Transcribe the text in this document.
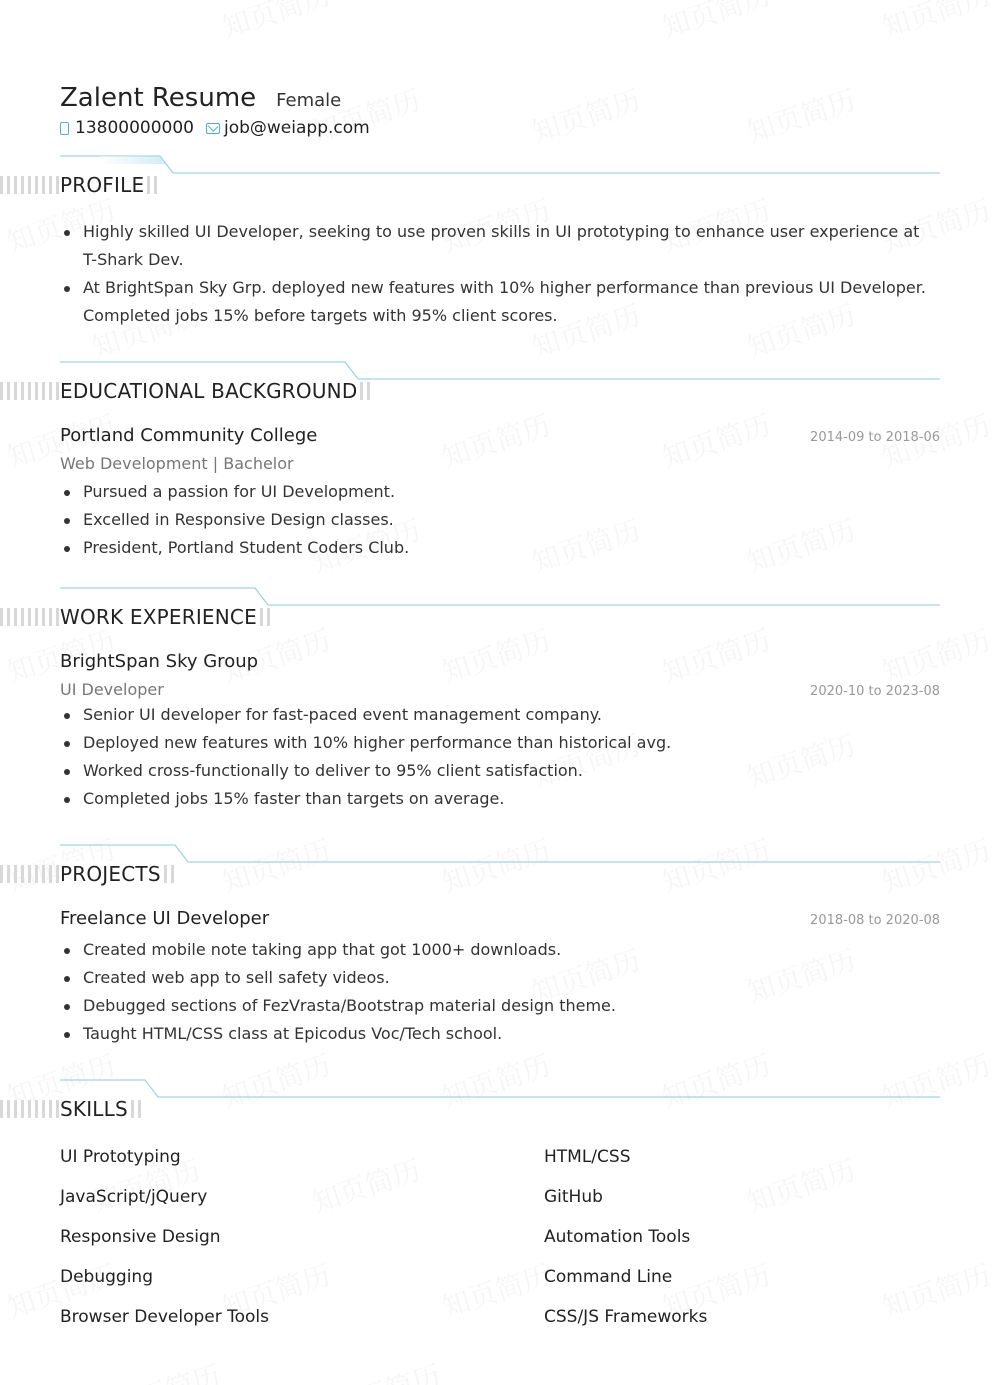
Zalent Resume Female
13800000000 job@weiapp.com
PROFILE
Highly skilled UI Developer, seeking to use proven skills in UI prototyping to enhance user experience at T-Shark Dev.
At BrightSpan Sky Grp. deployed new features with 10% higher performance than previous UI Developer. Completed jobs 15% before targets with 95% client scores.
EDUCATIONAL BACKGROUND
Portland Community College	2014-09 to 2018-06
Web Development | Bachelor
Pursued a passion for UI Development.
Excelled in Responsive Design classes.
President, Portland Student Coders Club.
WORK EXPERIENCE
BrightSpan Sky Group
UI Developer	2020-10 to 2023-08
Senior UI developer for fast-paced event management company.
Deployed new features with 10% higher performance than historical avg.
Worked cross-functionally to deliver to 95% client satisfaction.
Completed jobs 15% faster than targets on average.
PROJECTS
Freelance UI Developer	2018-08 to 2020-08
Created mobile note taking app that got 1000+ downloads.
Created web app to sell safety videos.
Debugged sections of FezVrasta/Bootstrap material design theme.
Taught HTML/CSS class at Epicodus Voc/Tech school.
SKILLS
UI Prototyping	HTML/CSS
JavaScript/jQuery	GitHub
Responsive Design	Automation Tools
Debugging	Command Line
Browser Developer Tools	CSS/JS Frameworks
